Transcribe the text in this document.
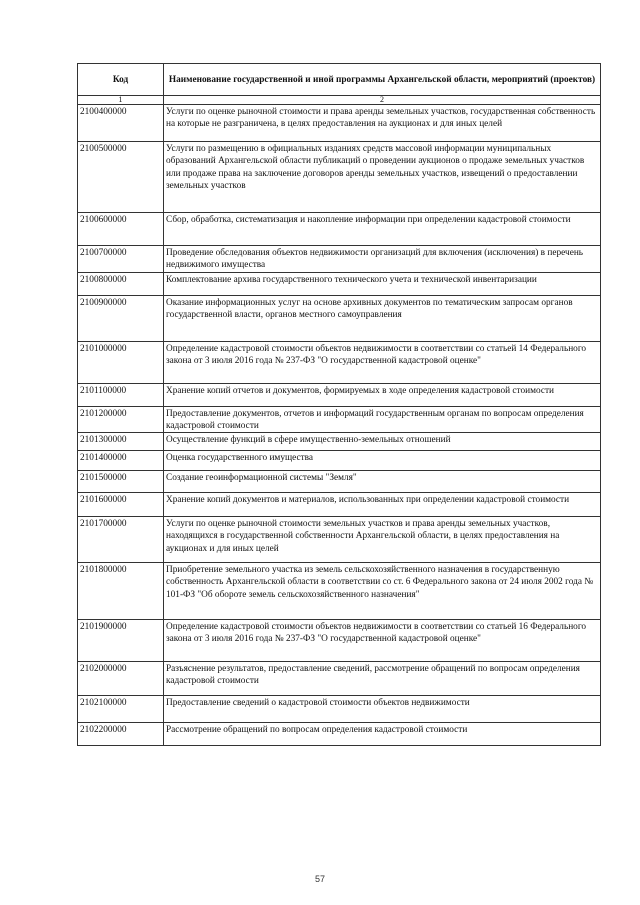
Код	Наименование государственной и иной программы Архангельской области, мероприятий (проектов)
1	2
2100400000	Услуги по оценке рыночной стоимости и права аренды земельных участков, государственная собственность на которые не разграничена, в целях предоставления на аукционах и для иных целей
2100500000	Услуги по размещению в официальных изданиях средств массовой информации муниципальных образований Архангельской области публикаций о проведении аукционов о продаже земельных участков или продаже права на заключение договоров аренды земельных участков, извещений о предоставлении земельных участков
2100600000	Сбор, обработка, систематизация и накопление информации при определении кадастровой стоимости
2100700000	Проведение обследования объектов недвижимости организаций для включения (исключения) в перечень недвижимого имущества
2100800000	Комплектование архива государственного технического учета и технической инвентаризации
2100900000	Оказание информационных услуг на основе архивных документов по тематическим запросам органов государственной власти, органов местного самоуправления
2101000000	Определение кадастровой стоимости объектов недвижимости в соответствии со статьей 14 Федерального закона от 3 июля 2016 года № 237-ФЗ "О государственной кадастровой оценке"
2101100000	Хранение копий отчетов и документов, формируемых в ходе определения кадастровой стоимости
2101200000	Предоставление документов, отчетов и информаций государственным органам по вопросам определения кадастровой стоимости
2101300000	Осуществление функций в сфере имущественно-земельных отношений
2101400000	Оценка государственного имущества
2101500000	Создание геоинформационной системы "Земля"
2101600000	Хранение копий документов и материалов, использованных при определении кадастровой стоимости
2101700000	Услуги по оценке рыночной стоимости земельных участков и права аренды земельных участков, находящихся в государственной собственности Архангельской области, в целях предоставления на аукционах и для иных целей
2101800000	Приобретение земельного участка из земель сельскохозяйственного назначения в государственную собственность Архангельской области в соответствии со ст. 6 Федерального закона от 24 июля 2002 года № 101-ФЗ "Об обороте земель сельскохозяйственного назначения"
2101900000	Определение кадастровой стоимости объектов недвижимости в соответствии со статьей 16 Федерального закона от 3 июля 2016 года № 237-ФЗ "О государственной кадастровой оценке"
2102000000	Разъяснение результатов, предоставление сведений, рассмотрение обращений по вопросам определения кадастровой стоимости
2102100000	Предоставление сведений о кадастровой стоимости объектов недвижимости
2102200000	Рассмотрение обращений по вопросам определения кадастровой стоимости
57
